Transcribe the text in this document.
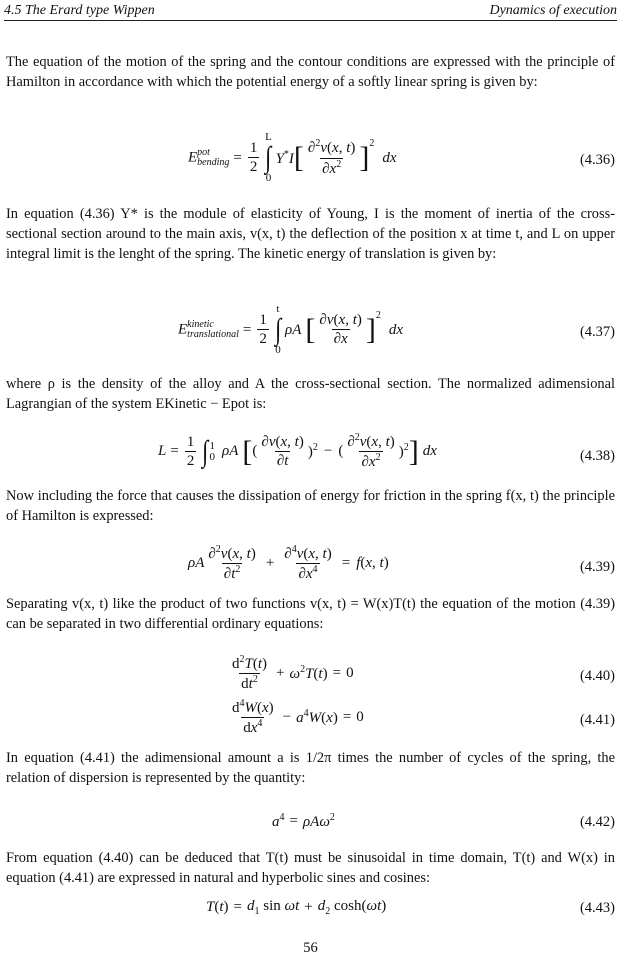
4.5 The Erard type Wippen	Dynamics of execution
The equation of the motion of the spring and the contour conditions are expressed with the principle of Hamilton in accordance with which the potential energy of a softly linear spring is given by:
E pot
bending = $\frac{1}{2}$
L
∫
0
Y*I [ $\frac{\partial^2v(x, t)}{\partial x^2} ]^2$
dx	(4.36)
In equation (4.36) Y* is the module of elasticity of Young, I is the moment of inertia of the cross-sectional section around to the main axis, v(x, t) the deflection of the position x at time t, and L on upper integral limit is the lenght of the spring. The kinetic energy of translation is given by:
E kinetic
translational = $\frac{1}{2}$
t
∫
0
ρA [ $\frac{\partial v(x, t)}{\partial x} ]^2$
dx	(4.37)
where ρ is the density of the alloy and A the cross-sectional section. The normalized adimensional Lagrangian of the system EKinetic − Epot is:
$L = \frac{1}{2}$ ∫ 1
0 ρA [ ( $\frac{\partial v(x, t)}{\partial t} )^2$ − ( $\frac{\partial^2v(x, t)}{\partial x^2} )^2$ ] dx	(4.38)
Now including the force that causes the dissipation of energy for friction in the spring f(x, t) the principle of Hamilton is expressed:
ρA $\frac{\partial^2v(x, t)}{\partial t^2} + \frac{\partial^4v(x, t)}{\partial x^4} = f(x$, t)	(4.39)
Separating v(x, t) like the product of two functions v(x, t) = W(x)T(t) the equation of the motion (4.39) can be separated in two differential ordinary equations:
$\frac{d^2T(t)}{dt^2} + \omega^2T(t) = 0$	(4.40)
$\frac{d^4W(x)}{dx^4} - a^4W(x) = 0$	(4.41)
In equation (4.41) the adimensional amount a is 1/2π times the number of cycles of the spring, the relation of dispersion is represented by the quantity:
$a^4 = \rho A\omega^2$	(4.42)
From equation (4.40) can be deduced that T(t) must be sinusoidal in time domain, T(t) and W(x) in equation (4.41) are expressed in natural and hyperbolic sines and cosines:
$T(t) = d_1$ $\sin \omega t + d_2$ cosh(ωt)	(4.43)
56
